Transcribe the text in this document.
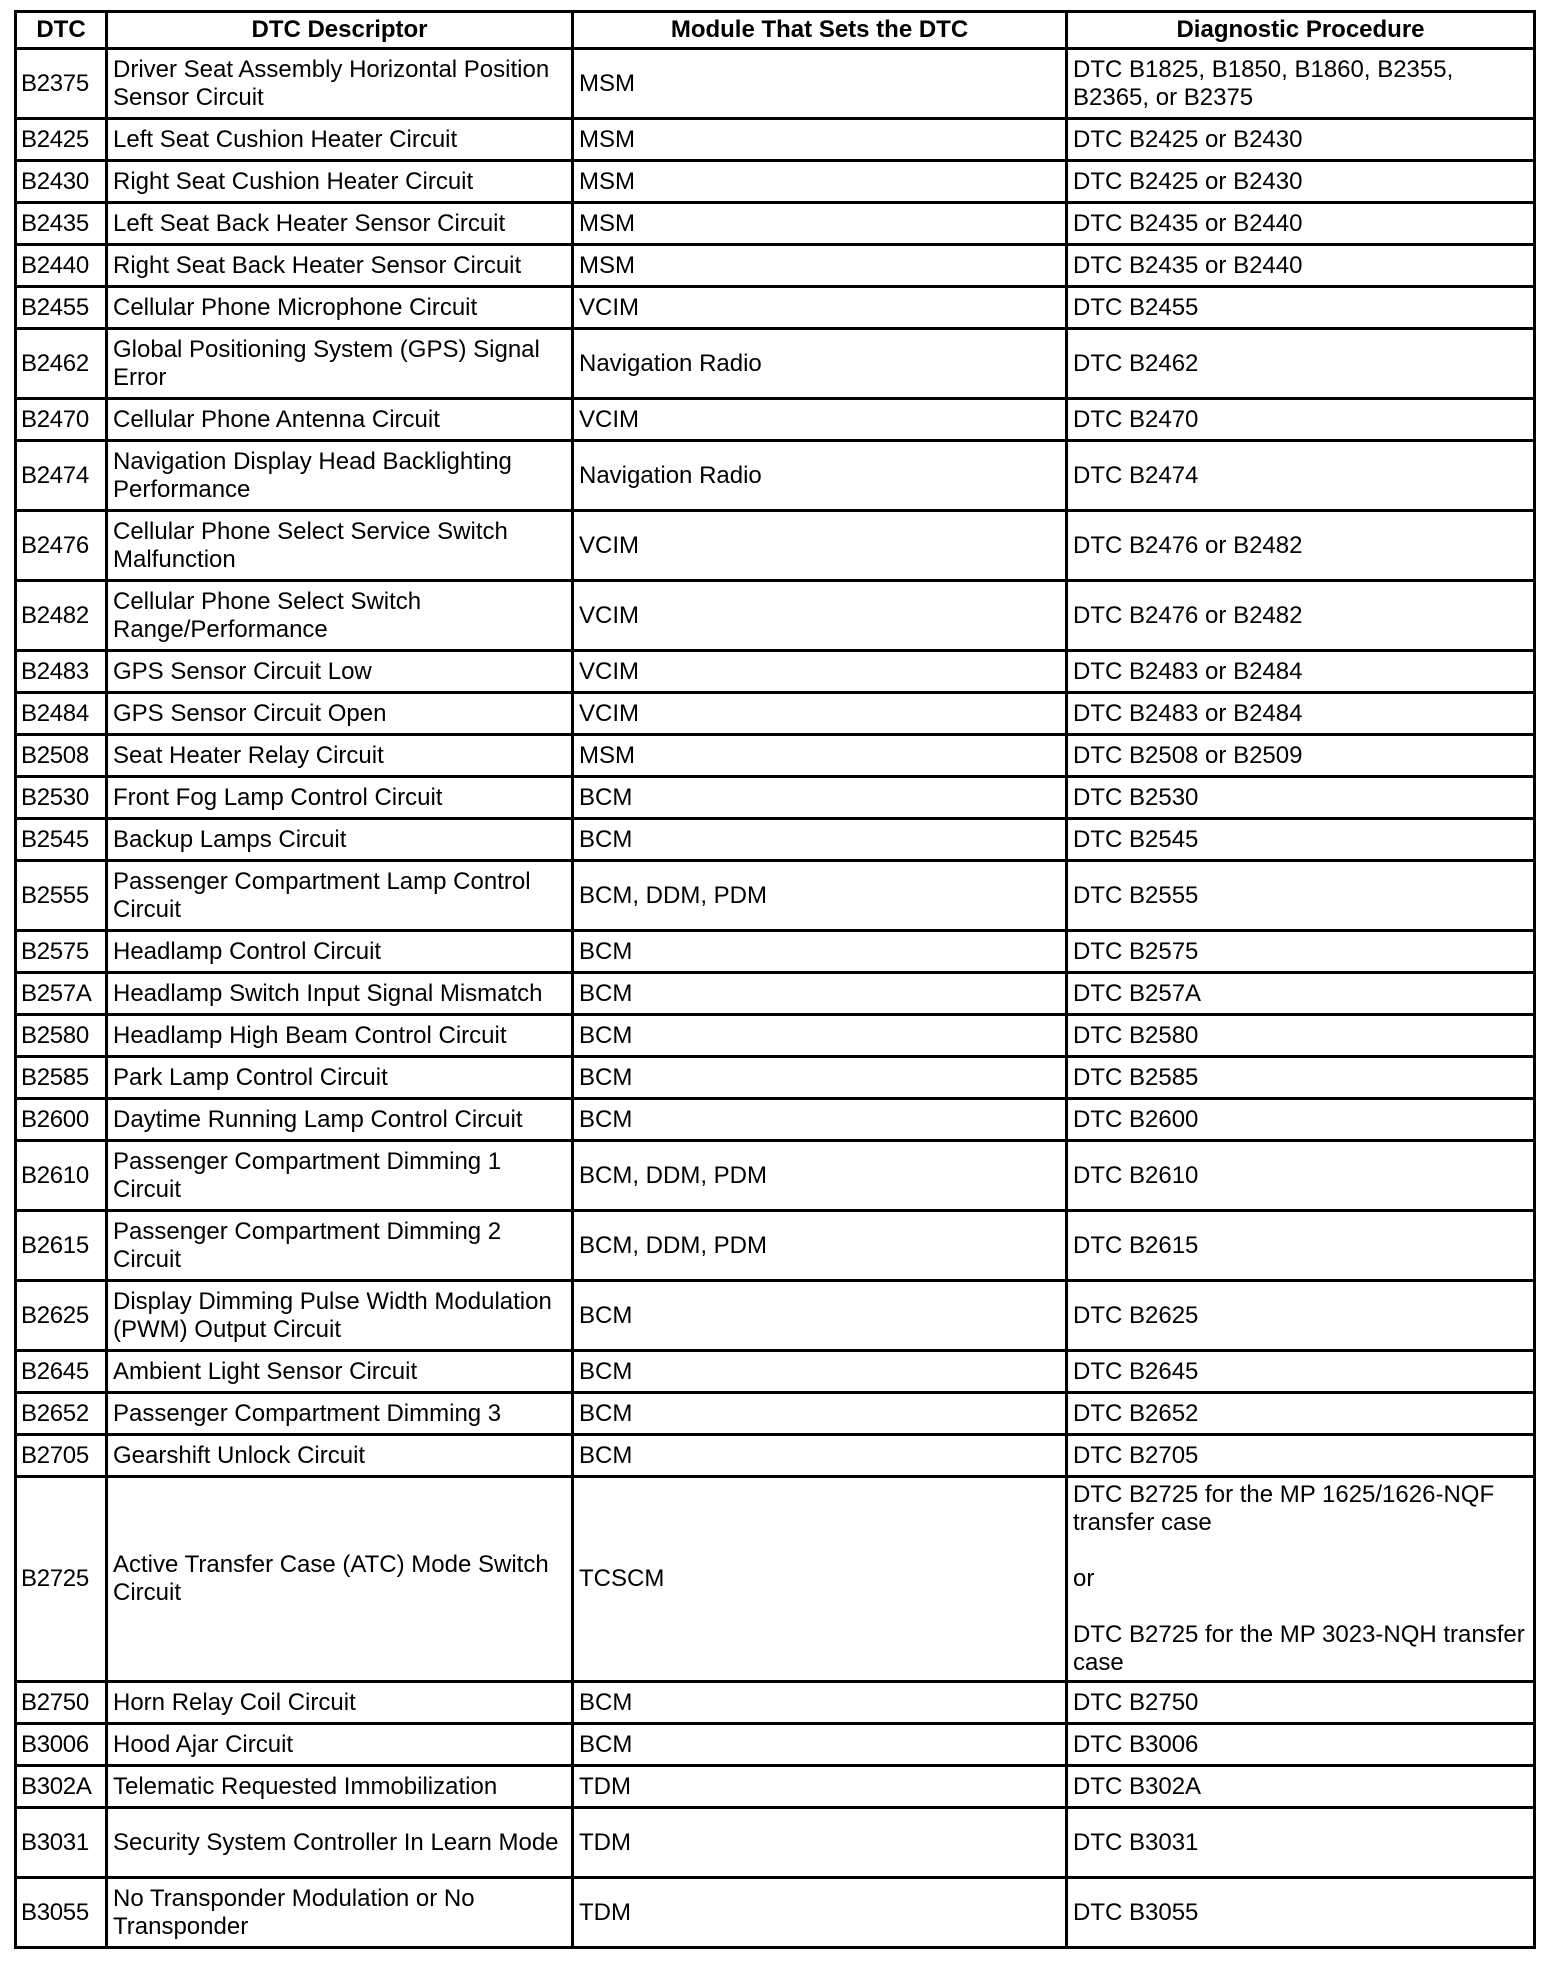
DTC	DTC Descriptor	Module That Sets the DTC	Diagnostic Procedure
B2375	Driver Seat Assembly Horizontal Position Sensor Circuit	MSM	DTC B1825, B1850, B1860, B2355, B2365, or B2375

B2425	Left Seat Cushion Heater Circuit	MSM	DTC B2425 or B2430

B2430	Right Seat Cushion Heater Circuit	MSM	DTC B2425 or B2430

B2435	Left Seat Back Heater Sensor Circuit	MSM	DTC B2435 or B2440

B2440	Right Seat Back Heater Sensor Circuit	MSM	DTC B2435 or B2440

B2455	Cellular Phone Microphone Circuit	VCIM	DTC B2455

B2462	Global Positioning System (GPS) Signal Error	Navigation Radio	DTC B2462

B2470	Cellular Phone Antenna Circuit	VCIM	DTC B2470

B2474	Navigation Display Head Backlighting Performance	Navigation Radio	DTC B2474

B2476	Cellular Phone Select Service Switch Malfunction	VCIM	DTC B2476 or B2482

B2482	Cellular Phone Select Switch Range/Performance	VCIM	DTC B2476 or B2482

B2483	GPS Sensor Circuit Low	VCIM	DTC B2483 or B2484

B2484	GPS Sensor Circuit Open	VCIM	DTC B2483 or B2484

B2508	Seat Heater Relay Circuit	MSM	DTC B2508 or B2509

B2530	Front Fog Lamp Control Circuit	BCM	DTC B2530

B2545	Backup Lamps Circuit	BCM	DTC B2545

B2555	Passenger Compartment Lamp Control Circuit	BCM, DDM, PDM	DTC B2555

B2575	Headlamp Control Circuit	BCM	DTC B2575

B257A	Headlamp Switch Input Signal Mismatch	BCM	DTC B257A

B2580	Headlamp High Beam Control Circuit	BCM	DTC B2580

B2585	Park Lamp Control Circuit	BCM	DTC B2585

B2600	Daytime Running Lamp Control Circuit	BCM	DTC B2600

B2610	Passenger Compartment Dimming 1 Circuit	BCM, DDM, PDM	DTC B2610

B2615	Passenger Compartment Dimming 2 Circuit	BCM, DDM, PDM	DTC B2615

B2625	Display Dimming Pulse Width Modulation (PWM) Output Circuit	BCM	DTC B2625

B2645	Ambient Light Sensor Circuit	BCM	DTC B2645

B2652	Passenger Compartment Dimming 3	BCM	DTC B2652

B2705	Gearshift Unlock Circuit	BCM	DTC B2705

B2725	Active Transfer Case (ATC) Mode Switch Circuit	TCSCM	DTC B2725 for the MP 1625/1626-NQF transfer case
or
DTC B2725 for the MP 3023-NQH transfer case

B2750	Horn Relay Coil Circuit	BCM	DTC B2750

B3006	Hood Ajar Circuit	BCM	DTC B3006

B302A	Telematic Requested Immobilization	TDM	DTC B302A

B3031	Security System Controller In Learn Mode	TDM	DTC B3031

B3055	No Transponder Modulation or No Transponder	TDM	DTC B3055
